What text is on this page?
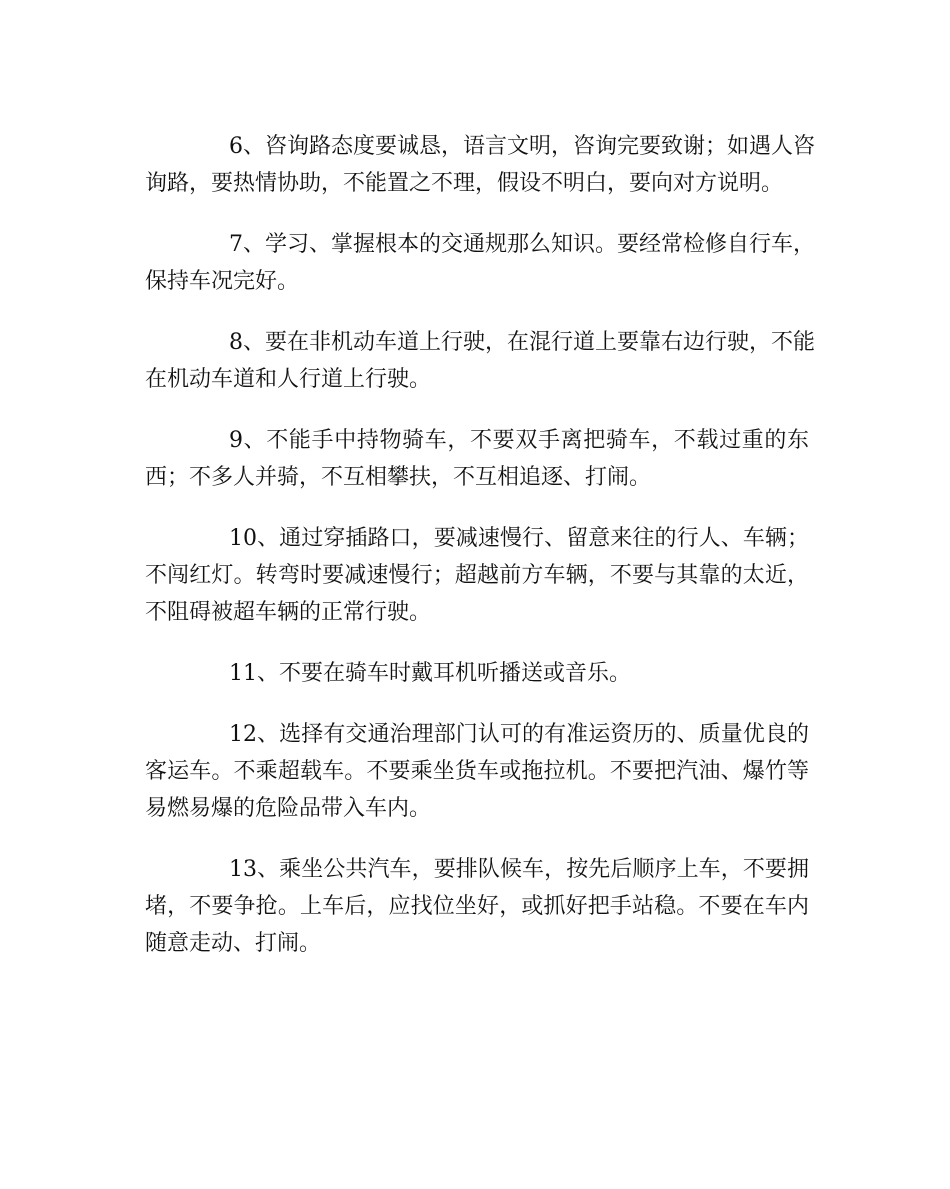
6、咨询路态度要诚恳，语言文明，咨询完要致谢；如遇人咨
询路，要热情协助，不能置之不理，假设不明白，要向对方说明。
7、学习、掌握根本的交通规那么知识。要经常检修自行车，
保持车况完好。
8、要在非机动车道上行驶，在混行道上要靠右边行驶，不能
在机动车道和人行道上行驶。
9、不能手中持物骑车，不要双手离把骑车，不载过重的东
西；不多人并骑，不互相攀扶，不互相追逐、打闹。
10、通过穿插路口，要减速慢行、留意来往的行人、车辆；
不闯红灯。转弯时要减速慢行；超越前方车辆，不要与其靠的太近，
不阻碍被超车辆的正常行驶。
11、不要在骑车时戴耳机听播送或音乐。
12、选择有交通治理部门认可的有准运资历的、质量优良的
客运车。不乘超载车。不要乘坐货车或拖拉机。不要把汽油、爆竹等
易燃易爆的危险品带入车内。
13、乘坐公共汽车，要排队候车，按先后顺序上车，不要拥
堵，不要争抢。上车后，应找位坐好，或抓好把手站稳。不要在车内
随意走动、打闹。
